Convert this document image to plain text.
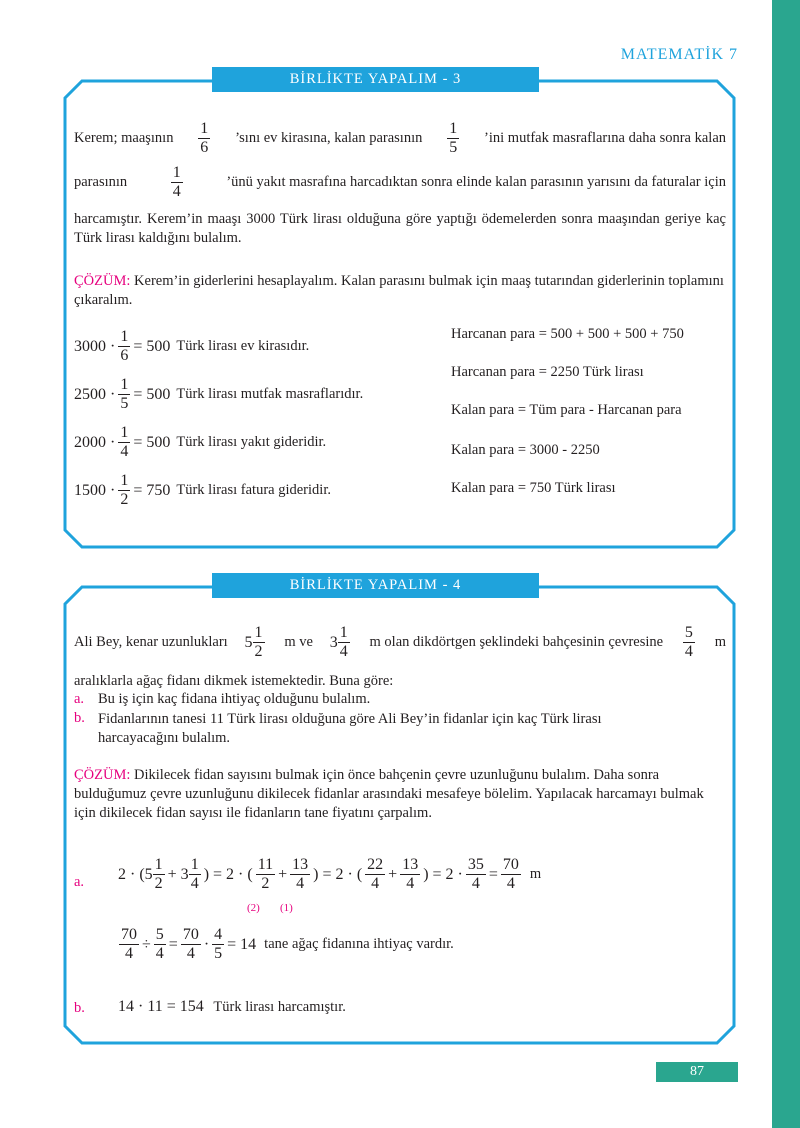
MATEMATİK 7
BİRLİKTE YAPALIM - 3
Kerem; maaşının $\frac{1}{6}$ ’sını ev kirasına, kalan parasının $\frac{1}{5}$ ’ini mutfak masraflarına daha sonra kalan
parasının	$\frac{1}{4}$	’ünü yakıt masrafına harcadıktan sonra elinde kalan parasının yarısını da faturalar için
harcamıştır. Kerem’in maaşı 3000 Türk lirası olduğuna göre yaptığı ödemelerden sonra maaşından geriye kaç Türk lirası kaldığını bulalım.
ÇÖZÜM: Kerem’in giderlerini hesaplayalım. Kalan parasını bulmak için maaş tutarından giderlerinin toplamını çıkaralım.
$3000 \cdot \frac{1}{6} = 500$ Türk lirası ev kirasıdır.
$2500 \cdot \frac{1}{5} = 500$ Türk lirası mutfak masraflarıdır.
$2000 \cdot \frac{1}{4} = 500$ Türk lirası yakıt gideridir.
$1500 \cdot \frac{1}{2} = 750$ Türk lirası fatura gideridir.
Harcanan para = 500 + 500 + 500 + 750
Harcanan para = 2250 Türk lirası
Kalan para = Tüm para - Harcanan para
Kalan para = 3000 - 2250
Kalan para = 750 Türk lirası
BİRLİKTE YAPALIM - 4
Ali Bey, kenar uzunlukları $5 \frac{1}{2}$ m ve $3 \frac{1}{4}$ m olan dikdörtgen şeklindeki bahçesinin çevresine $\frac{5}{4}$ m
aralıklarla ağaç fidanı dikmek istemektedir. Buna göre:
a. Bu iş için kaç fidana ihtiyaç olduğunu bulalım.
b. Fidanlarının tanesi 11 Türk lirası olduğuna göre Ali Bey’in fidanlar için kaç Türk lirası harcayacağını bulalım.
ÇÖZÜM: Dikilecek fidan sayısını bulmak için önce bahçenin çevre uzunluğunu bulalım. Daha sonra bulduğumuz çevre uzunluğunu dikilecek fidanlar arasındaki mesafeye bölelim. Yapılacak harcamayı bulmak için dikilecek fidan sayısı ile fidanların tane fiyatını çarpalım.
a. $2 \cdot (5 \frac{1}{2} + 3 \frac{1}{4}$ ) = 2 · ( $\frac{11}{2} + \frac{13}{4}$ ) = 2 · ( $\frac{22}{4} + \frac{13}{4}$ ) = $2 \cdot \frac{35}{4} = \frac{70}{4}$ m
(2) (1)
$\frac{70}{4} \div \frac{5}{4} = \frac{70}{4} \cdot \frac{4}{5} = 14$ tane ağaç fidanına ihtiyaç vardır.
b. 14 · 11 = 154 Türk lirası harcamıştır.
87
